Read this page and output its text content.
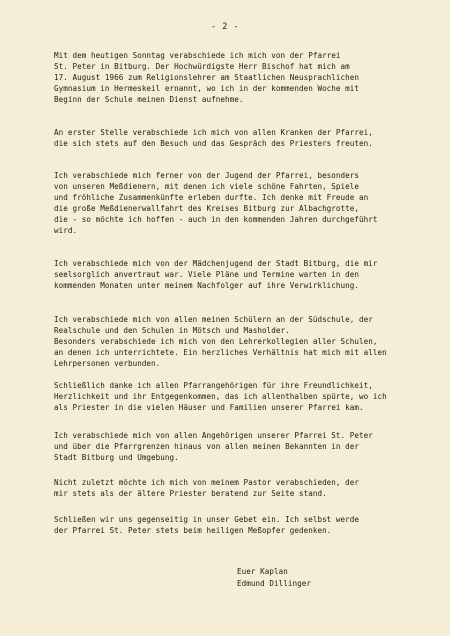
- 2 -

Mit dem heutigen Sonntag verabschiede ich mich von der Pfarrei

St. Peter in Bitburg. Der Hochwürdigste Herr Bischof hat mich am

17. August 1966 zum Religionslehrer am Staatlichen Neusprachlichen

Gymnasium in Hermeskeil ernannt, wo ich in der kommenden Woche mit

Beginn der Schule meinen Dienst aufnehme.

An erster Stelle verabschiede ich mich von allen Kranken der Pfarrei,

die sich stets auf den Besuch und das Gespräch des Priesters freuten.

Ich verabschiede mich ferner von der Jugend der Pfarrei, besonders

von unseren Meßdienern, mit denen ich viele schöne Fahrten, Spiele

und fröhliche Zusammenkünfte erleben durfte. Ich denke mit Freude an

die große Meßdienerwallfahrt des Kreises Bitburg zur Albachgrotte,

die - so möchte ich hoffen - auch in den kommenden Jahren durchgeführt

wird.

Ich verabschiede mich von der Mädchenjugend der Stadt Bitburg, die mir

seelsorglich anvertraut war. Viele Pläne und Termine warten in den

kommenden Monaten unter meinem Nachfolger auf ihre Verwirklichung.

Ich verabschiede mich von allen meinen Schülern an der Südschule, der

Realschule und den Schulen in Mötsch und Masholder.

Besonders verabschiede ich mich von den Lehrerkollegien aller Schulen,

an denen ich unterrichtete. Ein herzliches Verhältnis hat mich mit allen

Lehrpersonen verbunden.

Schließlich danke ich allen Pfarrangehörigen für ihre Freundlichkeit,

Herzlichkeit und ihr Entgegenkommen, das ich allenthalben spürte, wo ich

als Priester in die vielen Häuser und Familien unserer Pfarrei kam.

Ich verabschiede mich von allen Angehörigen unserer Pfarrei St. Peter

und über die Pfarrgrenzen hinaus von allen meinen Bekannten in der

Stadt Bitburg und Umgebung.

Nicht zuletzt möchte ich mich von meinem Pastor verabschieden, der

mir stets als der ältere Priester beratend zur Seite stand.

Schließen wir uns gegenseitig in unser Gebet ein. Ich selbst werde

der Pfarrei St. Peter stets beim heiligen Meßopfer gedenken.

Euer Kaplan

Edmund Dillinger
